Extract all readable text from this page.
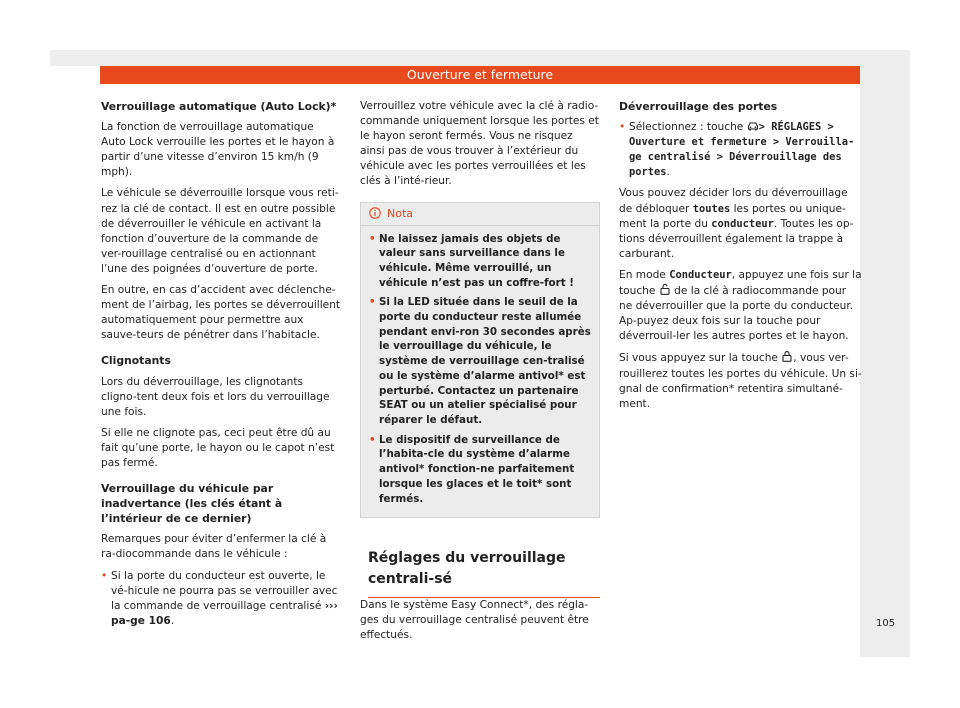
Ouverture et fermeture

Verrouillage automatique (Auto Lock)*

La fonction de verrouillage automatique Auto Lock verrouille les portes et le hayon à partir d’une vitesse d’environ 15 km/h (9 mph).

Le véhicule se déverrouille lorsque vous reti-rez la clé de contact. Il est en outre possible de déverrouiller le véhicule en activant la fonction d’ouverture de la commande de ver-rouillage centralisé ou en actionnant l’une des poignées d’ouverture de porte.

En outre, en cas d’accident avec déclenche-ment de l’airbag, les portes se déverrouillent automatiquement pour permettre aux sauve-teurs de pénétrer dans l’habitacle.

Clignotants

Lors du déverrouillage, les clignotants cligno-tent deux fois et lors du verrouillage une fois.

Si elle ne clignote pas, ceci peut être dû au fait qu’une porte, le hayon ou le capot n’est pas fermé.

Verrouillage du véhicule par inadvertance (les clés étant à l’intérieur de ce dernier)

Remarques pour éviter d’enfermer la clé à ra-diocommande dans le véhicule :

• Si la porte du conducteur est ouverte, le vé-hicule ne pourra pas se verrouiller avec la commande de verrouillage centralisé ››› pa-ge 106.

Verrouillez votre véhicule avec la clé à radio-commande uniquement lorsque les portes et le hayon seront fermés. Vous ne risquez ainsi pas de vous trouver à l’extérieur du véhicule avec les portes verrouillées et les clés à l’inté-rieur.

Nota

• Ne laissez jamais des objets de valeur sans surveillance dans le véhicule. Même verrouillé, un véhicule n’est pas un coffre-fort !

• Si la LED située dans le seuil de la porte du conducteur reste allumée pendant envi-ron 30 secondes après le verrouillage du véhicule, le système de verrouillage cen-tralisé ou le système d’alarme antivol* est perturbé. Contactez un partenaire SEAT ou un atelier spécialisé pour réparer le défaut.

• Le dispositif de surveillance de l’habita-cle du système d’alarme antivol* fonction-ne parfaitement lorsque les glaces et le toit* sont fermés.

Réglages du verrouillage centrali-sé

Dans le système Easy Connect*, des régla-ges du verrouillage centralisé peuvent être effectués.

Déverrouillage des portes

• Sélectionnez : touche > RÉGLAGES > Ouverture et fermeture > Verrouilla-ge centralisé > Déverrouillage des portes.

Vous pouvez décider lors du déverrouillage de débloquer toutes les portes ou unique-ment la porte du conducteur. Toutes les op-tions déverrouillent également la trappe à carburant.

En mode Conducteur, appuyez une fois sur la touche  de la clé à radiocommande pour ne déverrouiller que la porte du conducteur. Ap-puyez deux fois sur la touche pour déverrouil-ler les autres portes et le hayon.

Si vous appuyez sur la touche , vous ver-rouillerez toutes les portes du véhicule. Un si-gnal de confirmation* retentira simultané-ment.

105
